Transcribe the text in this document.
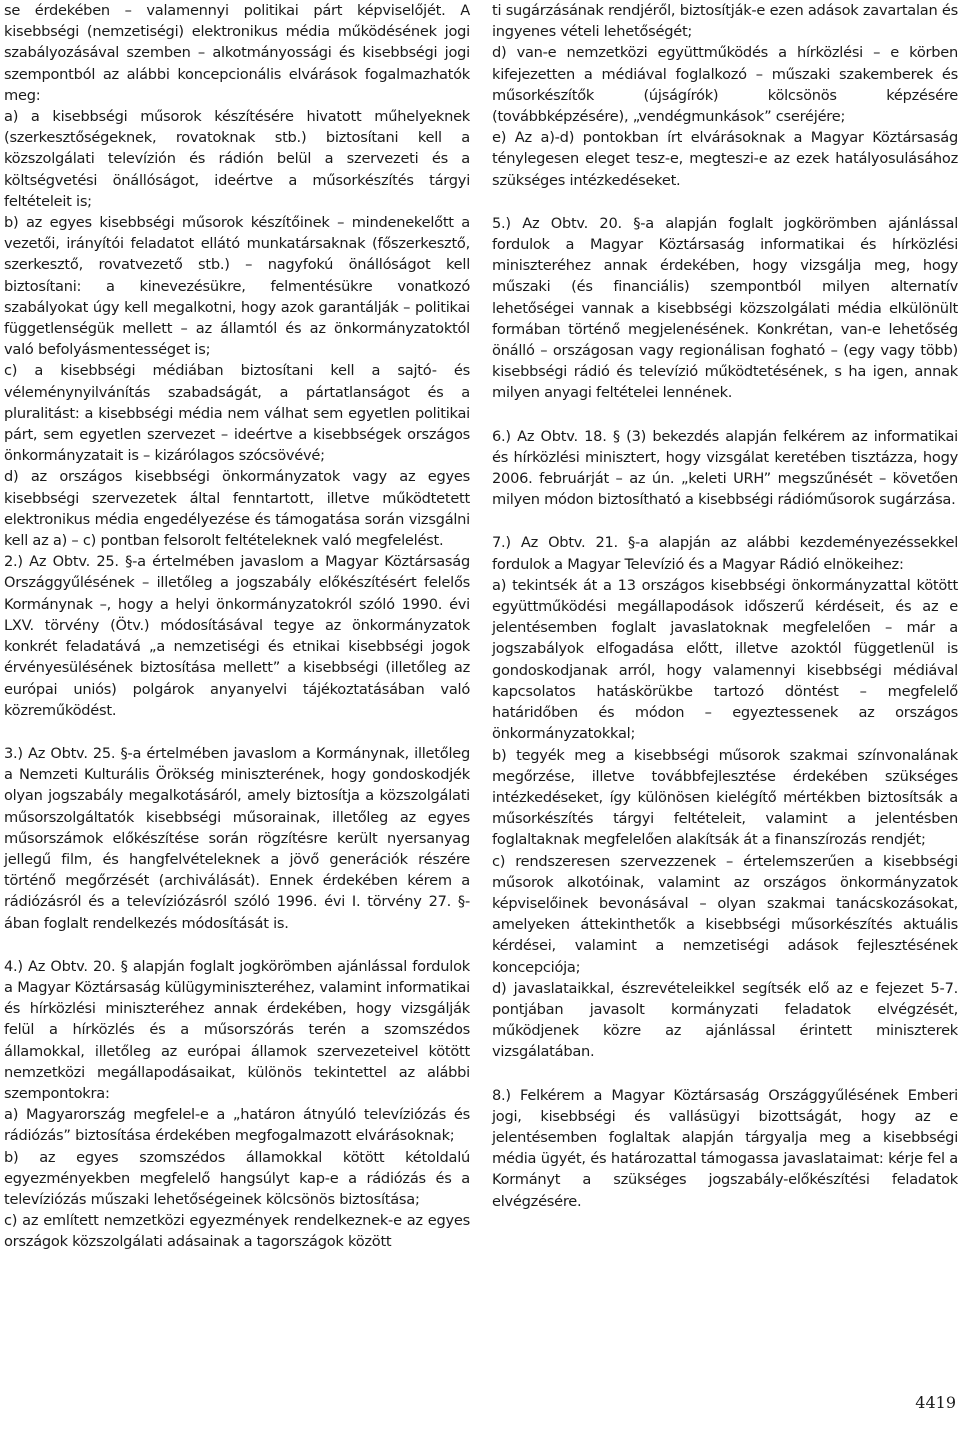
se érdekében – valamennyi politikai párt képviselőjét. A kisebbségi (nemzetiségi) elektronikus média működésének jogi szabályozásával szemben – alkotmányossági és kisebbségi jogi szempontból az alábbi koncepcionális elvárások fogalmazhatók meg:

a) a kisebbségi műsorok készítésére hivatott műhelyeknek (szerkesztőségeknek, rovatoknak stb.) biztosítani kell a közszolgálati televízión és rádión belül a szervezeti és a költségvetési önállóságot, ideértve a műsorkészítés tárgyi feltételeit is;

b) az egyes kisebbségi műsorok készítőinek – mindenekelőtt a vezetői, irányítói feladatot ellátó munkatársaknak (főszerkesztő, szerkesztő, rovatvezető stb.) – nagyfokú önállóságot kell biztosítani: a kinevezésükre, felmentésükre vonatkozó szabályokat úgy kell megalkotni, hogy azok garantálják – politikai függetlenségük mellett – az államtól és az önkormányzatoktól való befolyásmentességet is;

c) a kisebbségi médiában biztosítani kell a sajtó- és véleménynyilvánítás szabadságát, a pártatlanságot és a pluralitást: a kisebbségi média nem válhat sem egyetlen politikai párt, sem egyetlen szervezet – ideértve a kisebbségek országos önkormányzatait is – kizárólagos szócsövévé;

d) az országos kisebbségi önkormányzatok vagy az egyes kisebbségi szervezetek által fenntartott, illetve működtetett elektronikus média engedélyezése és támogatása során vizsgálni kell az a) – c) pontban felsorolt feltételeknek való megfelelést.

2.) Az Obtv. 25. §-a értelmében javaslom a Magyar Köztársaság Országgyűlésének – illetőleg a jogszabály előkészítésért felelős Kormánynak –, hogy a helyi önkormányzatokról szóló 1990. évi LXV. törvény (Ötv.) módosításával tegye az önkormányzatok konkrét feladatává „a nemzetiségi és etnikai kisebbségi jogok érvényesülésének biztosítása mellett” a kisebbségi (illetőleg az európai uniós) polgárok anyanyelvi tájékoztatásában való közreműködést.

3.) Az Obtv. 25. §-a értelmében javaslom a Kormánynak, illetőleg a Nemzeti Kulturális Örökség miniszterének, hogy gondoskodjék olyan jogszabály megalkotásáról, amely biztosítja a közszolgálati műsorszolgáltatók kisebbségi műsorainak, illetőleg az egyes műsorszámok előkészítése során rögzítésre került nyersanyag jellegű film, és hangfelvételeknek a jövő generációk részére történő megőrzését (archiválását). Ennek érdekében kérem a rádiózásról és a televíziózásról szóló 1996. évi I. törvény 27. §-ában foglalt rendelkezés módosítását is.

4.) Az Obtv. 20. § alapján foglalt jogkörömben ajánlással fordulok a Magyar Köztársaság külügyminiszteréhez, valamint informatikai és hírközlési miniszteréhez annak érdekében, hogy vizsgálják felül a hírközlés és a műsorszórás terén a szomszédos államokkal, illetőleg az európai államok szervezeteivel kötött nemzetközi megállapodásaikat, különös tekintettel az alábbi szempontokra:

a) Magyarország megfelel-e a „határon átnyúló televíziózás és rádiózás” biztosítása érdekében megfogalmazott elvárásoknak;

b) az egyes szomszédos államokkal kötött kétoldalú egyezményekben megfelelő hangsúlyt kap-e a rádiózás és a televíziózás műszaki lehetőségeinek kölcsönös biztosítása;

c) az említett nemzetközi egyezmények rendelkeznek-e az egyes országok közszolgálati adásainak a tagországok között

ti sugárzásának rendjéről, biztosítják-e ezen adások zavartalan és ingyenes vételi lehetőségét;

d) van-e nemzetközi együttműködés a hírközlési – e körben kifejezetten a médiával foglalkozó – műszaki szakemberek és műsorkészítők (újságírók) kölcsönös képzésére (továbbképzésére), „vendégmunkások” cseréjére;

e) Az a)-d) pontokban írt elvárásoknak a Magyar Köztársaság ténylegesen eleget tesz-e, megteszi-e az ezek hatályosulásához szükséges intézkedéseket.

5.) Az Obtv. 20. §-a alapján foglalt jogkörömben ajánlással fordulok a Magyar Köztársaság informatikai és hírközlési miniszteréhez annak érdekében, hogy vizsgálja meg, hogy műszaki (és financiális) szempontból milyen alternatív lehetőségei vannak a kisebbségi közszolgálati média elkülönült formában történő megjelenésének. Konkrétan, van-e lehetőség önálló – országosan vagy regionálisan fogható – (egy vagy több) kisebbségi rádió és televízió működtetésének, s ha igen, annak milyen anyagi feltételei lennének.

6.) Az Obtv. 18. § (3) bekezdés alapján felkérem az informatikai és hírközlési minisztert, hogy vizsgálat keretében tisztázza, hogy 2006. februárját – az ún. „keleti URH” megszűnését – követően milyen módon biztosítható a kisebbségi rádióműsorok sugárzása.

7.) Az Obtv. 21. §-a alapján az alábbi kezdeményezéssekkel fordulok a Magyar Televízió és a Magyar Rádió elnökeihez:

a) tekintsék át a 13 országos kisebbségi önkormányzattal kötött együttműködési megállapodások időszerű kérdéseit, és az e jelentésemben foglalt javaslatoknak megfelelően – már a jogszabályok elfogadása előtt, illetve azoktól függetlenül is gondoskodjanak arról, hogy valamennyi kisebbségi médiával kapcsolatos hatáskörükbe tartozó döntést – megfelelő határidőben és módon – egyeztessenek az országos önkormányzatokkal;

b) tegyék meg a kisebbségi műsorok szakmai színvonalának megőrzése, illetve továbbfejlesztése érdekében szükséges intézkedéseket, így különösen kielégítő mértékben biztosítsák a műsorkészítés tárgyi feltételeit, valamint a jelentésben foglaltaknak megfelelően alakítsák át a finanszírozás rendjét;

c) rendszeresen szervezzenek – értelemszerűen a kisebbségi műsorok alkotóinak, valamint az országos önkormányzatok képviselőinek bevonásával – olyan szakmai tanácskozásokat, amelyeken áttekinthetők a kisebbségi műsorkészítés aktuális kérdései, valamint a nemzetiségi adások fejlesztésének koncepciója;

d) javaslataikkal, észrevételeikkel segítsék elő az e fejezet 5-7. pontjában javasolt kormányzati feladatok elvégzését, működjenek közre az ajánlással érintett miniszterek vizsgálatában.

8.) Felkérem a Magyar Köztársaság Országgyűlésének Emberi jogi, kisebbségi és vallásügyi bizottságát, hogy az e jelentésemben foglaltak alapján tárgyalja meg a kisebbségi média ügyét, és határozattal támogassa javaslataimat: kérje fel a Kormányt a szükséges jogszabály-előkészítési feladatok elvégzésére.

4419
